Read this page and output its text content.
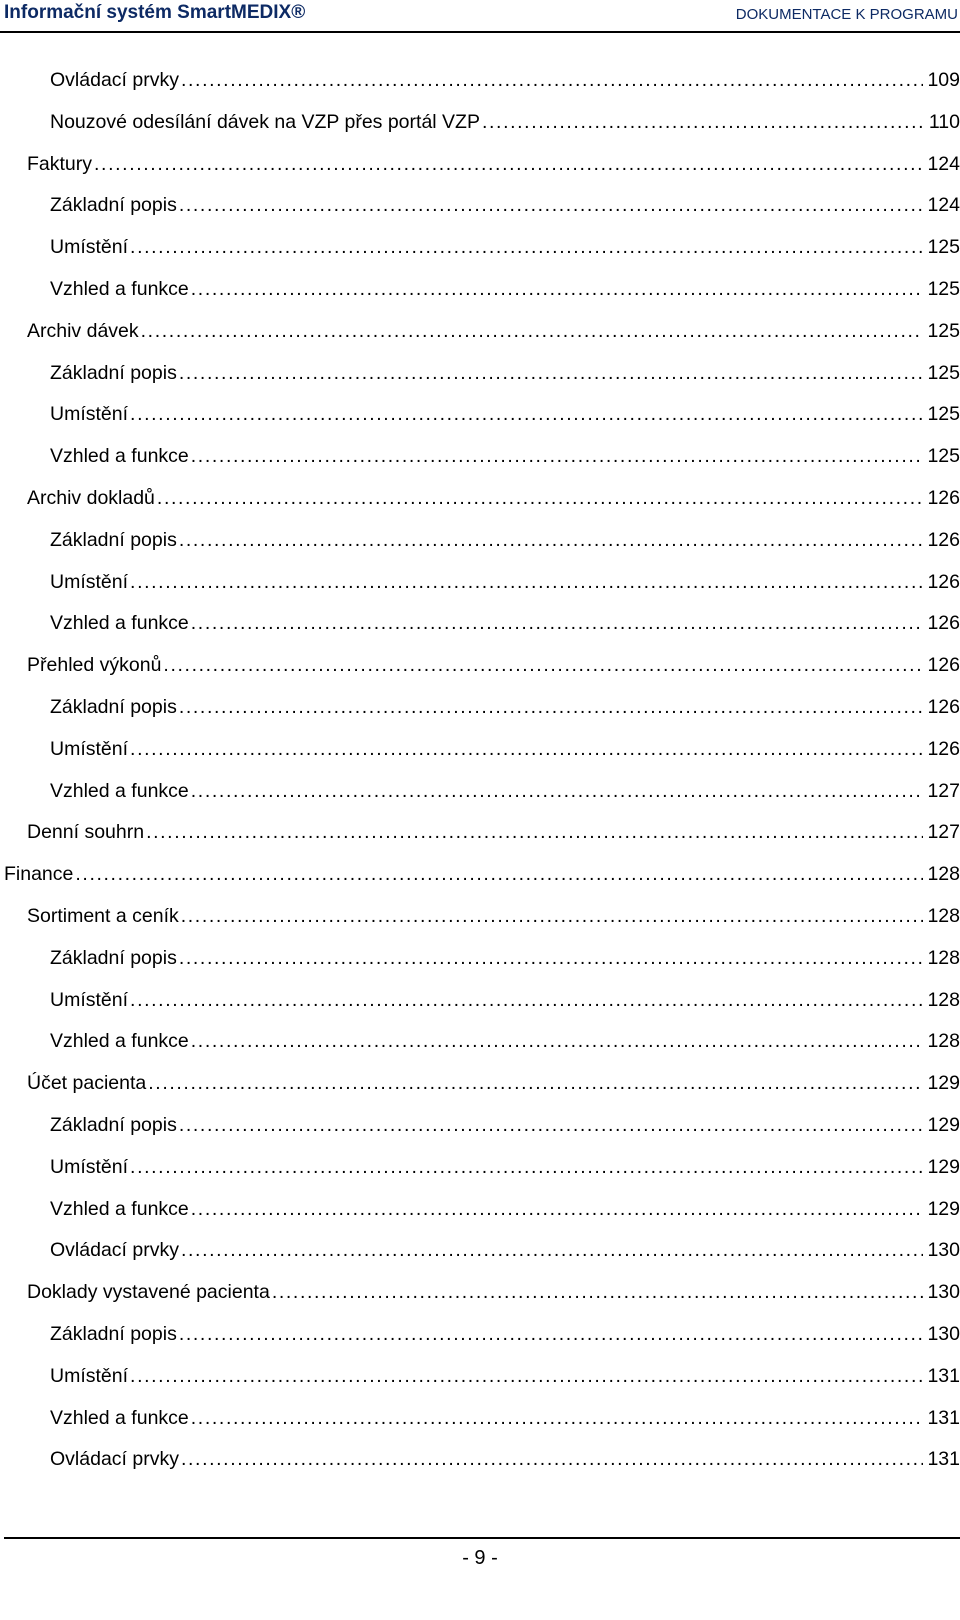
Informační systém SmartMEDIX®	DOKUMENTACE K PROGRAMU
Ovládací prvky . . .	109
Nouzové odesílání dávek na VZP přes portál VZP . . .	110
Faktury . . .	124
Základní popis . . .	124
Umístění . . .	125
Vzhled a funkce . . .	125
Archiv dávek . . .	125
Základní popis . . .	125
Umístění . . .	125
Vzhled a funkce . . .	125
Archiv dokladů . . .	126
Základní popis . . .	126
Umístění . . .	126
Vzhled a funkce . . .	126
Přehled výkonů . . .	126
Základní popis . . .	126
Umístění . . .	126
Vzhled a funkce . . .	127
Denní souhrn . . .	127
Finance . . .	128
Sortiment a ceník . . .	128
Základní popis . . .	128
Umístění . . .	128
Vzhled a funkce . . .	128
Účet pacienta . . .	129
Základní popis . . .	129
Umístění . . .	129
Vzhled a funkce . . .	129
Ovládací prvky . . .	130
Doklady vystavené pacienta . . .	130
Základní popis . . .	130
Umístění . . .	131
Vzhled a funkce . . .	131
Ovládací prvky . . .	131
- 9 -
